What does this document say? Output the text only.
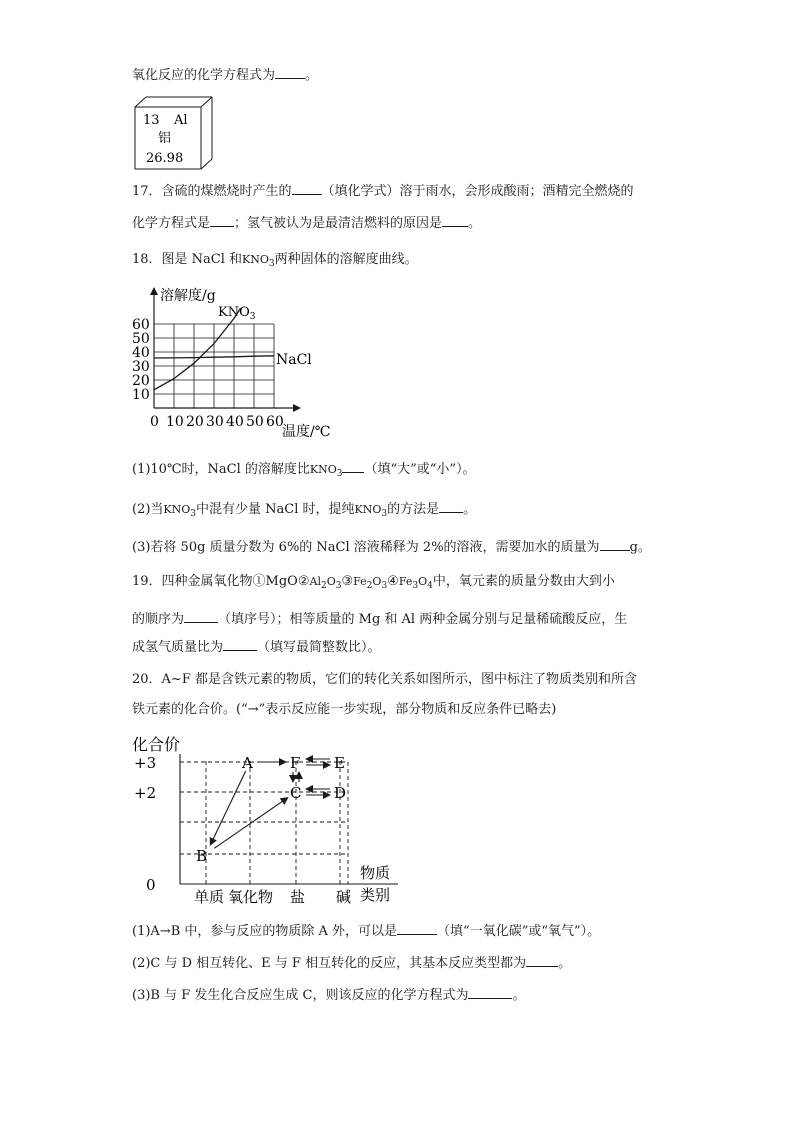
氧化反应的化学方程式为 。
13 Al
铝
26.98
17．含硫的煤燃烧时产生的 （填化学式）溶于雨水，会形成酸雨；酒精完全燃烧的
化学方程式是 ；氢气被认为是最清洁燃料的原因是 。
18．图是 NaCl 和$KNO_3$两种固体的溶解度曲线。
0 10 20 30 40 50 60
10
20
30
40
50
60
溶解度/g
温度/℃
$KNO_3$
NaCl
(1)10℃时，NaCl 的溶解度比$KNO_3$ （填“大”或“小”）。
(2)当$KNO_3$中混有少量 NaCl 时，提纯$KNO_3$的方法是 。
(3)若将 50g 质量分数为 6%的 NaCl 溶液稀释为 2%的溶液，需要加水的质量为 g。
19．四种金属氧化物$①MgO②Al_2O_3③Fe_2O_3④Fe_3O_4$中，氧元素的质量分数由大到小
的顺序为	（填序号）；相等质量的 Mg 和 Al 两种金属分别与足量稀硫酸反应，生
成氢气质量比为	（填写最简整数比）。
20．A~F 都是含铁元素的物质，它们的转化关系如图所示，图中标注了物质类别和所含
铁元素的化合价。(“→”表示反应能一步实现，部分物质和反应条件已略去)
+3
+2
0
单质 氧化物 盐 碱
A F E
C D
B
化合价
物质
类别
(1)A→B 中，参与反应的物质除 A 外，可以是	（填“一氧化碳”或“氧气”）。
(2)C 与 D 相互转化、E 与 F 相互转化的反应，其基本反应类型都为 。
(3)B 与 F 发生化合反应生成 C，则该反应的化学方程式为	。
